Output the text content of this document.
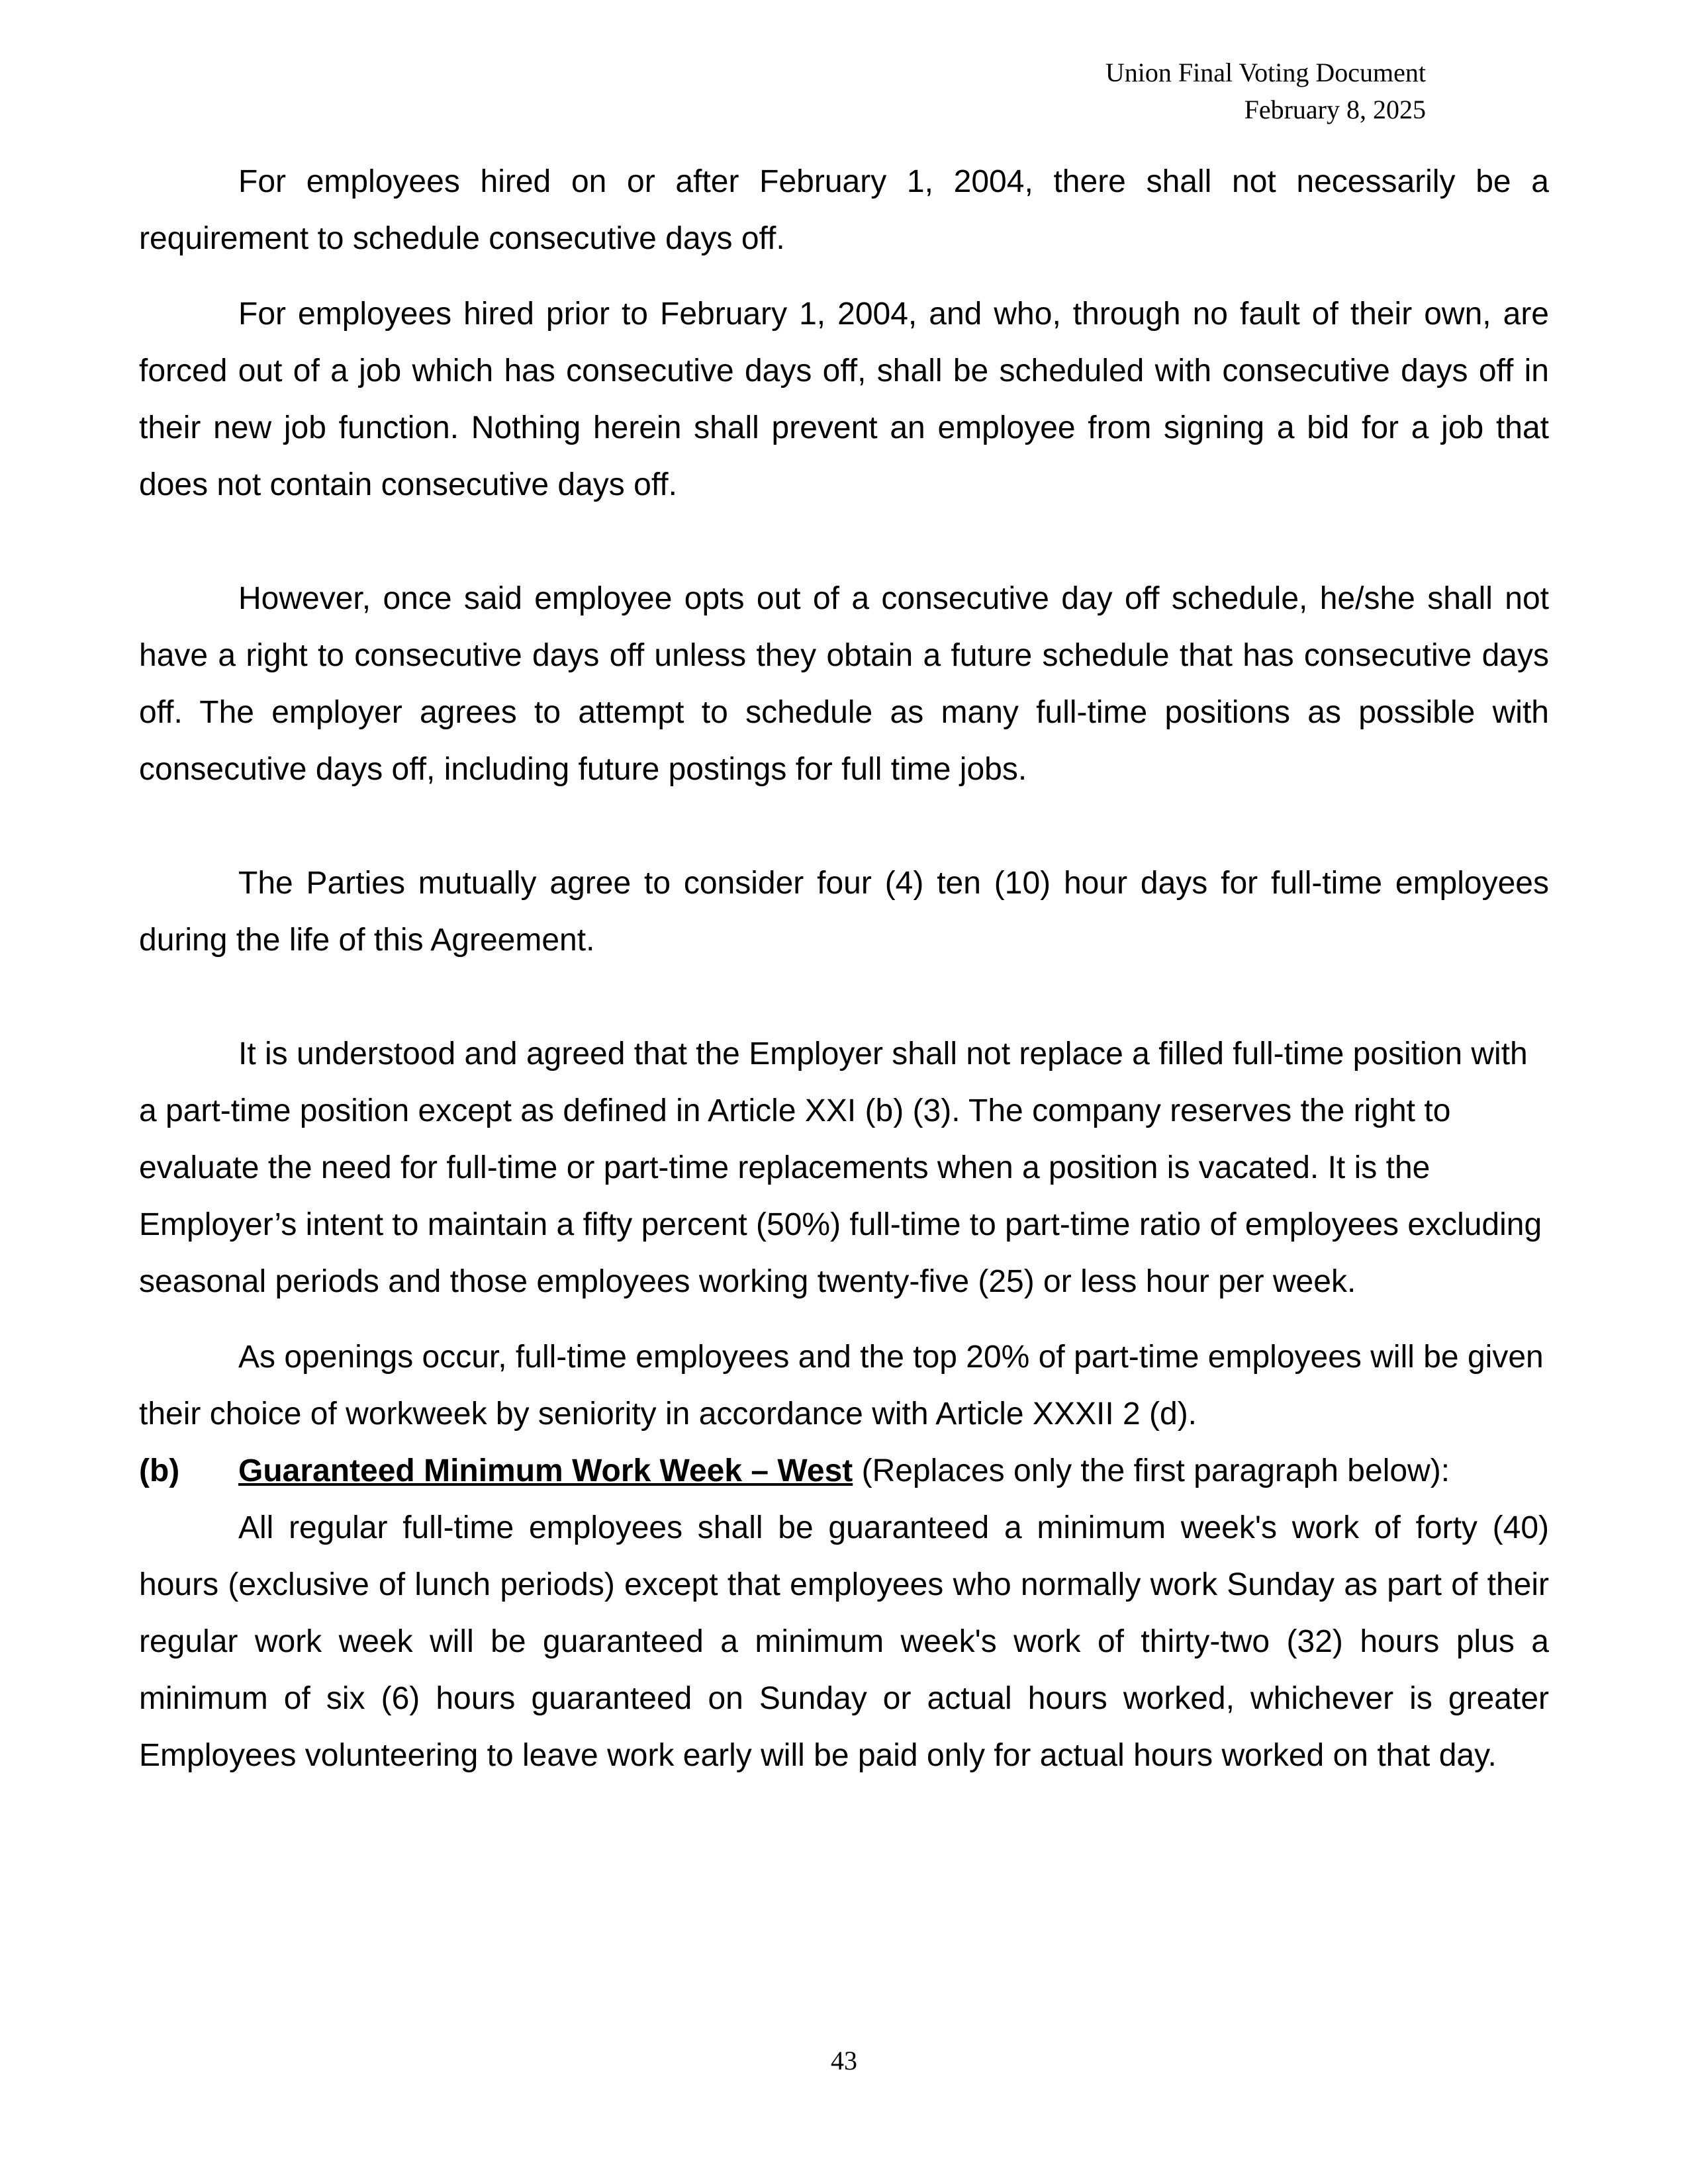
Union Final Voting Document
February 8, 2025

For employees hired on or after February 1, 2004, there shall not necessarily be a requirement to schedule consecutive days off.

For employees hired prior to February 1, 2004, and who, through no fault of their own, are forced out of a job which has consecutive days off, shall be scheduled with consecutive days off in their new job function. Nothing herein shall prevent an employee from signing a bid for a job that does not contain consecutive days off.

However, once said employee opts out of a consecutive day off schedule, he/she shall not have a right to consecutive days off unless they obtain a future schedule that has consecutive days off. The employer agrees to attempt to schedule as many full-time positions as possible with consecutive days off, including future postings for full time jobs.

The Parties mutually agree to consider four (4) ten (10) hour days for full-time employees during the life of this Agreement.

It is understood and agreed that the Employer shall not replace a filled full-time position with a part-time position except as defined in Article XXI (b) (3). The company reserves the right to evaluate the need for full-time or part-time replacements when a position is vacated. It is the Employer’s intent to maintain a fifty percent (50%) full-time to part-time ratio of employees excluding seasonal periods and those employees working twenty-five (25) or less hour per week.

As openings occur, full-time employees and the top 20% of part-time employees will be given their choice of workweek by seniority in accordance with Article XXXII 2 (d).

(b) Guaranteed Minimum Work Week – West (Replaces only the first paragraph below):

All regular full-time employees shall be guaranteed a minimum week's work of forty (40) hours (exclusive of lunch periods) except that employees who normally work Sunday as part of their regular work week will be guaranteed a minimum week's work of thirty-two (32) hours plus a minimum of six (6) hours guaranteed on Sunday or actual hours worked, whichever is greater Employees volunteering to leave work early will be paid only for actual hours worked on that day.

43
